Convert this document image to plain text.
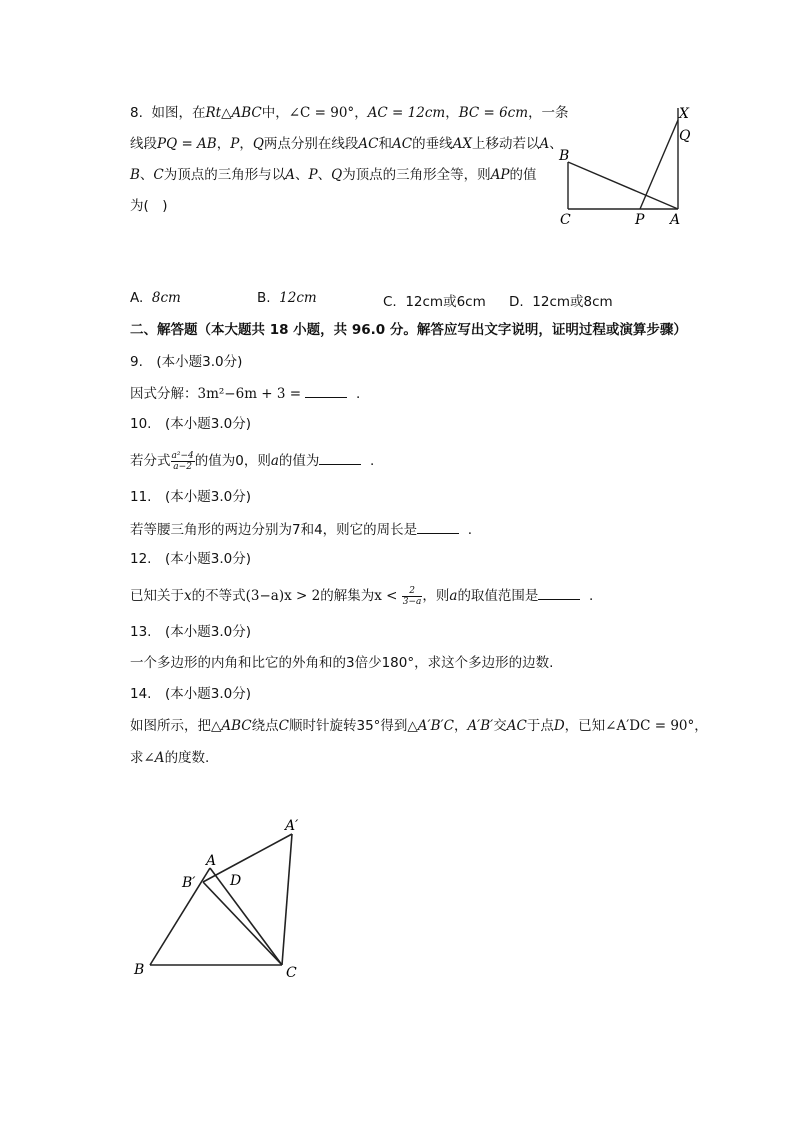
8. 如图，在Rt△ABC中，∠C = 90°，AC = 12cm，BC = 6cm，一条
线段PQ = AB，P，Q两点分别在线段AC和AC的垂线AX上移动若以A、
B、C为顶点的三角形与以A、P、Q为顶点的三角形全等，则AP的值
为(　)
X
Q
B
C	P A
A. 8cm	B. 12cm	C. 12cm或6cm D. 12cm或8cm
二、解答题（本大题共 18 小题，共 96.0 分。解答应写出文字说明，证明过程或演算步骤）
9.　(本小题3.0分)
因式分解：3m²−6m + 3 =	.
10.　(本小题3.0分)
若分式 $\frac{\text{a²−4}}{a-2}$ 的值为0，则a的值为	.
11.　(本小题3.0分)
若等腰三角形的两边分别为7和4，则它的周长是	.
12.　(本小题3.0分)
已知关于x的不等式(3−a)x > 2的解集为$x < \frac{2}{3-a}$ ，则a的取值范围是	.
13.　(本小题3.0分)
一个多边形的内角和比它的外角和的3倍少180°，求这个多边形的边数.
14.　(本小题3.0分)
如图所示，把△ABC绕点C顺时针旋转35°得到△A′B′C，A′B′交AC于点D，已知∠A′DC = 90°，
求∠A的度数.
A′
A
B′ D
B	C
